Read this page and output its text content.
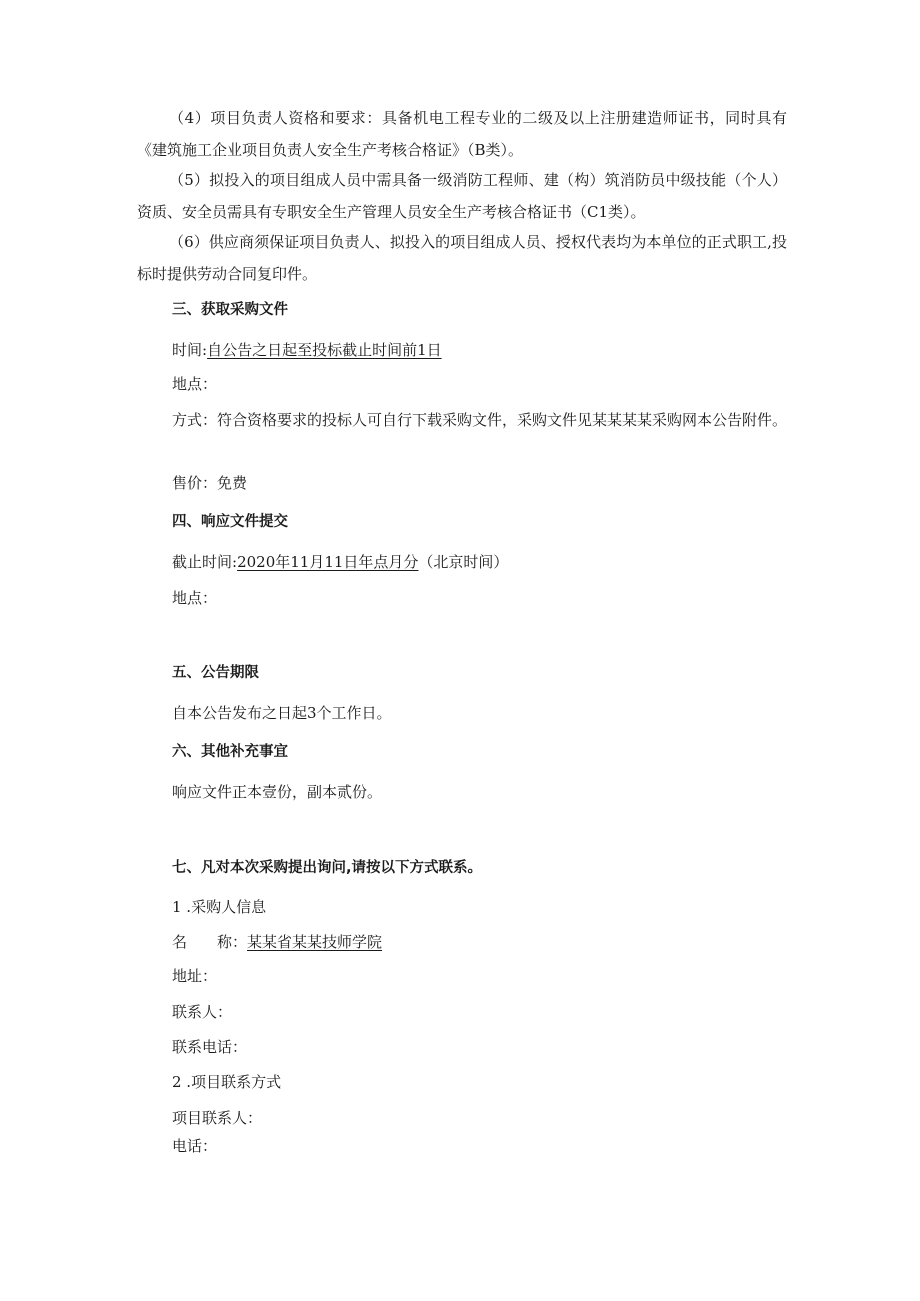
（4）项目负责人资格和要求：具备机电工程专业的二级及以上注册建造师证书，同时具有《建筑施工企业项目负责人安全生产考核合格证》（B类）。
（5）拟投入的项目组成人员中需具备一级消防工程师、建（构）筑消防员中级技能（个人）资质、安全员需具有专职安全生产管理人员安全生产考核合格证书（C1类）。
（6）供应商须保证项目负责人、拟投入的项目组成人员、授权代表均为本单位的正式职工,投标时提供劳动合同复印件。
三、获取采购文件
时间:自公告之日起至投标截止时间前1日
地点：
方式：符合资格要求的投标人可自行下载采购文件，采购文件见某某某某采购网本公告附件。
售价：免费
四、响应文件提交
截止时间:2020年11月11日年点月分（北京时间）
地点：
五、公告期限
自本公告发布之日起3个工作日。
六、其他补充事宜
响应文件正本壹份，副本贰份。
七、凡对本次采购提出询问,请按以下方式联系。
1 .采购人信息
名 称：某某省某某技师学院
地址：
联系人：
联系电话：
2 .项目联系方式
项目联系人：
电话：
